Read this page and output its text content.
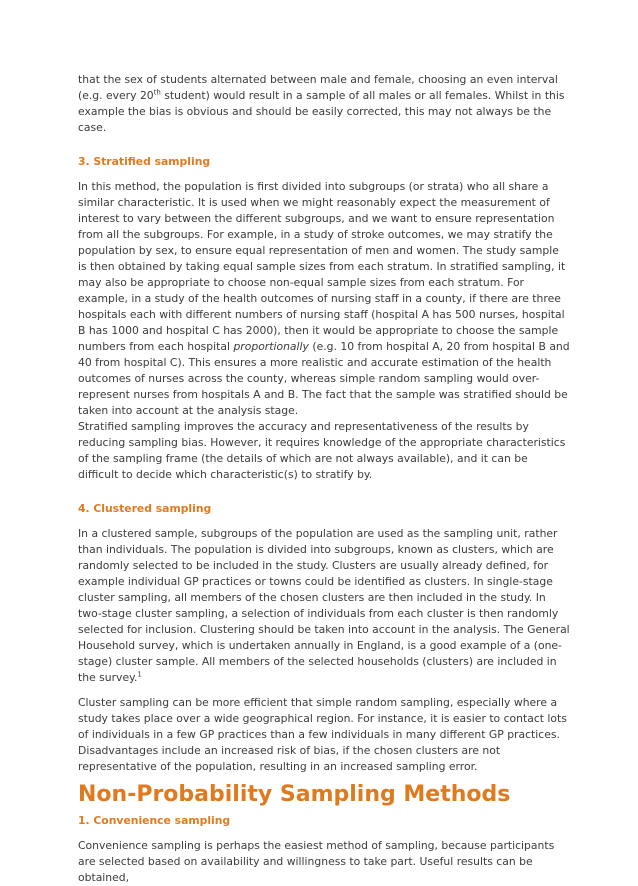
that the sex of students alternated between male and female, choosing an even interval (e.g. every 20th student) would result in a sample of all males or all females. Whilst in this example the bias is obvious and should be easily corrected, this may not always be the case.

3. Stratified sampling

In this method, the population is first divided into subgroups (or strata) who all share a similar characteristic. It is used when we might reasonably expect the measurement of interest to vary between the different subgroups, and we want to ensure representation from all the subgroups. For example, in a study of stroke outcomes, we may stratify the population by sex, to ensure equal representation of men and women. The study sample is then obtained by taking equal sample sizes from each stratum. In stratified sampling, it may also be appropriate to choose non-equal sample sizes from each stratum. For example, in a study of the health outcomes of nursing staff in a county, if there are three hospitals each with different numbers of nursing staff (hospital A has 500 nurses, hospital B has 1000 and hospital C has 2000), then it would be appropriate to choose the sample numbers from each hospital proportionally (e.g. 10 from hospital A, 20 from hospital B and 40 from hospital C). This ensures a more realistic and accurate estimation of the health outcomes of nurses across the county, whereas simple random sampling would over-represent nurses from hospitals A and B. The fact that the sample was stratified should be taken into account at the analysis stage.

Stratified sampling improves the accuracy and representativeness of the results by reducing sampling bias. However, it requires knowledge of the appropriate characteristics of the sampling frame (the details of which are not always available), and it can be difficult to decide which characteristic(s) to stratify by.

4. Clustered sampling

In a clustered sample, subgroups of the population are used as the sampling unit, rather than individuals. The population is divided into subgroups, known as clusters, which are randomly selected to be included in the study. Clusters are usually already defined, for example individual GP practices or towns could be identified as clusters. In single-stage cluster sampling, all members of the chosen clusters are then included in the study. In two-stage cluster sampling, a selection of individuals from each cluster is then randomly selected for inclusion. Clustering should be taken into account in the analysis. The General Household survey, which is undertaken annually in England, is a good example of a (one-stage) cluster sample. All members of the selected households (clusters) are included in the survey.$^1$

Cluster sampling can be more efficient that simple random sampling, especially where a study takes place over a wide geographical region. For instance, it is easier to contact lots of individuals in a few GP practices than a few individuals in many different GP practices. Disadvantages include an increased risk of bias, if the chosen clusters are not representative of the population, resulting in an increased sampling error.

Non-Probability Sampling Methods
1. Convenience sampling

Convenience sampling is perhaps the easiest method of sampling, because participants are selected based on availability and willingness to take part. Useful results can be obtained,
